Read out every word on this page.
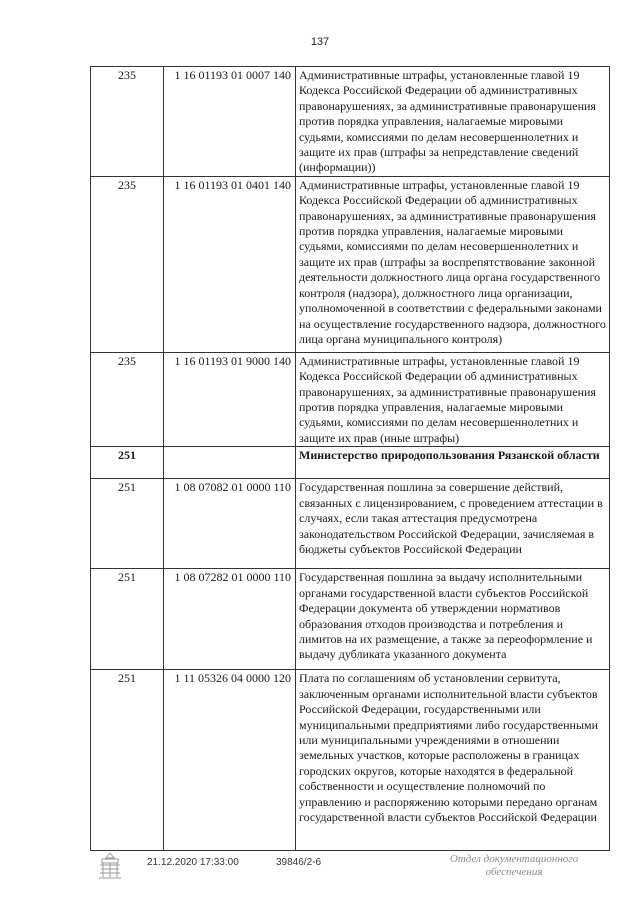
137
235	1 16 01193 01 0007 140	Административные штрафы, установленные главой 19 Кодекса Российской Федерации об административных правонарушениях, за административные правонарушения против порядка управления, налагаемые мировыми судьями, комиссиями по делам несовершеннолетних и защите их прав (штрафы за непредставление сведений (информации))
235	1 16 01193 01 0401 140	Административные штрафы, установленные главой 19 Кодекса Российской Федерации об административных правонарушениях, за административные правонарушения против порядка управления, налагаемые мировыми судьями, комиссиями по делам несовершеннолетних и защите их прав (штрафы за воспрепятствование законной деятельности должностного лица органа государственного контроля (надзора), должностного лица организации, уполномоченной в соответствии с федеральными законами на осуществление государственного надзора, должностного лица органа муниципального контроля)
235	1 16 01193 01 9000 140	Административные штрафы, установленные главой 19 Кодекса Российской Федерации об административных правонарушениях, за административные правонарушения против порядка управления, налагаемые мировыми судьями, комиссиями по делам несовершеннолетних и защите их прав (иные штрафы)
251		Министерство природопользования Рязанской области
251	1 08 07082 01 0000 110	Государственная пошлина за совершение действий, связанных с лицензированием, с проведением аттестации в случаях, если такая аттестация предусмотрена законодательством Российской Федерации, зачисляемая в бюджеты субъектов Российской Федерации
251	1 08 07282 01 0000 110	Государственная пошлина за выдачу исполнительными органами государственной власти субъектов Российской Федерации документа об утверждении нормативов образования отходов производства и потребления и лимитов на их размещение, а также за переоформление и выдачу дубликата указанного документа
251	1 11 05326 04 0000 120	Плата по соглашениям об установлении сервитута, заключенным органами исполнительной власти субъектов Российской Федерации, государственными или муниципальными предприятиями либо государственными или муниципальными учреждениями в отношении земельных участков, которые расположены в границах городских округов, которые находятся в федеральной собственности и осуществление полномочий по управлению и распоряжению которыми передано органам государственной власти субъектов Российской Федерации
21.12.2020 17:33:00	39846/2-6	Отдел документационного
обеспечения
